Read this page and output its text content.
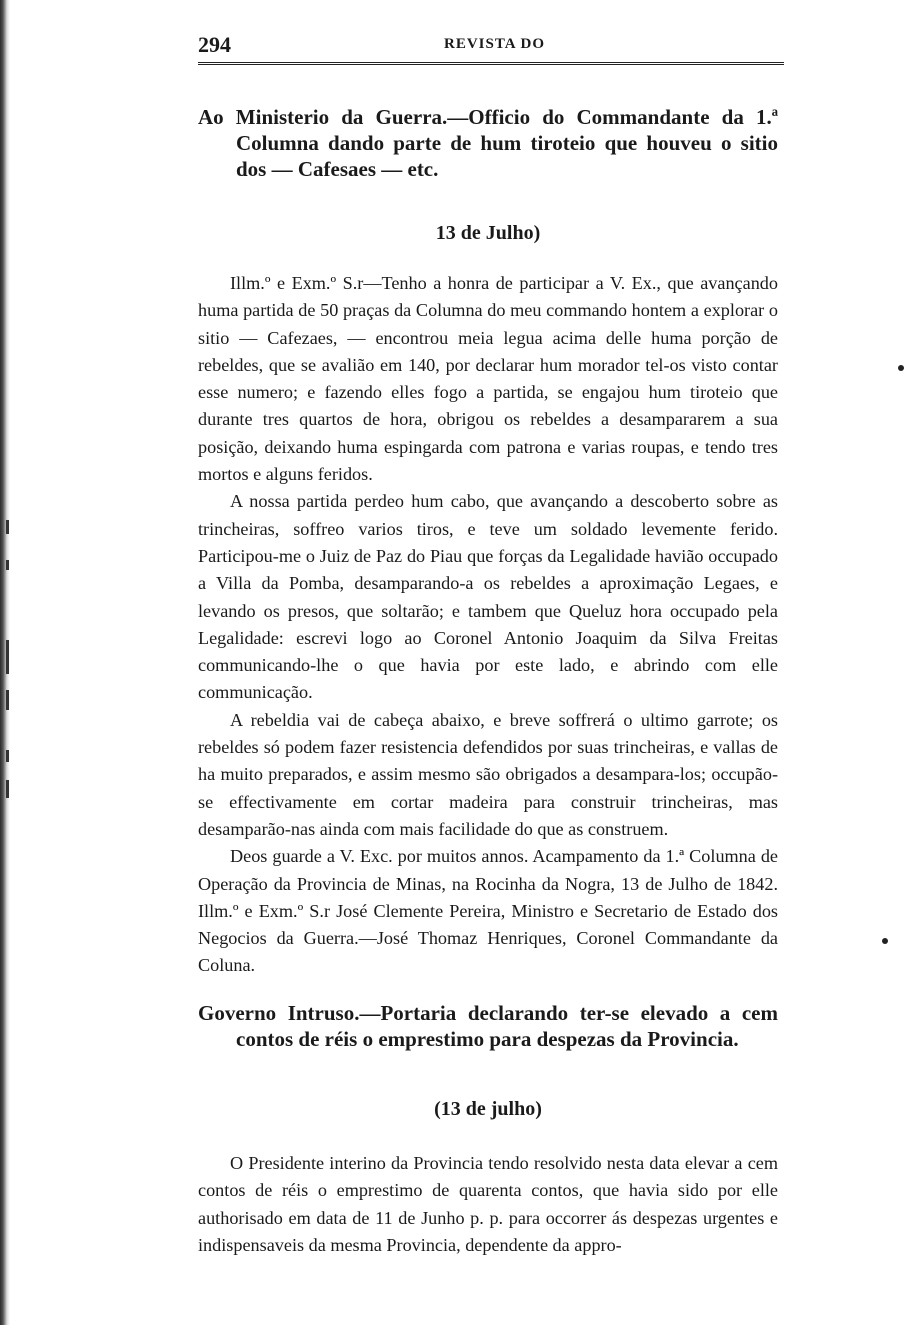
294	REVISTA DO

Ao Ministerio da Guerra.—Officio do Commandante da 1.ª Columna dando parte de hum tiroteio que houveu o sitio dos — Cafesaes — etc.

13 de Julho)

Illm.º e Exm.º S.r—Tenho a honra de participar a V. Ex., que avançando huma partida de 50 praças da Columna do meu commando hontem a explorar o sitio — Cafezaes, — encontrou meia legua acima delle huma porção de rebeldes, que se avalião em 140, por declarar hum morador tel-os visto contar esse numero; e fazendo elles fogo a partida, se engajou hum tiroteio que durante tres quartos de hora, obrigou os rebeldes a desampararem a sua posição, deixando huma espingarda com patrona e varias roupas, e tendo tres mortos e alguns feridos.

A nossa partida perdeo hum cabo, que avançando a descoberto sobre as trincheiras, soffreo varios tiros, e teve um soldado levemente ferido. Participou-me o Juiz de Paz do Piau que forças da Legalidade havião occupado a Villa da Pomba, desamparando-a os rebeldes a aproximação Legaes, e levando os presos, que soltarão; e tambem que Queluz hora occupado pela Legalidade: escrevi logo ao Coronel Antonio Joaquim da Silva Freitas communicando-lhe o que havia por este lado, e abrindo com elle communicação.

A rebeldia vai de cabeça abaixo, e breve soffrerá o ultimo garrote; os rebeldes só podem fazer resistencia defendidos por suas trincheiras, e vallas de ha muito preparados, e assim mesmo são obrigados a desampara-los; occupão-se effectivamente em cortar madeira para construir trincheiras, mas desamparão-nas ainda com mais facilidade do que as construem.

Deos guarde a V. Exc. por muitos annos. Acampamento da 1.ª Columna de Operação da Provincia de Minas, na Rocinha da Nogra, 13 de Julho de 1842. Illm.º e Exm.º S.r José Clemente Pereira, Ministro e Secretario de Estado dos Negocios da Guerra.—José Thomaz Henriques, Coronel Commandante da Coluna.

Governo Intruso.—Portaria declarando ter-se elevado a cem contos de réis o emprestimo para despezas da Provincia.

(13 de julho)

O Presidente interino da Provincia tendo resolvido nesta data elevar a cem contos de réis o emprestimo de quarenta contos, que havia sido por elle authorisado em data de 11 de Junho p. p. para occorrer ás despezas urgentes e indispensaveis da mesma Provincia, dependente da appro-
